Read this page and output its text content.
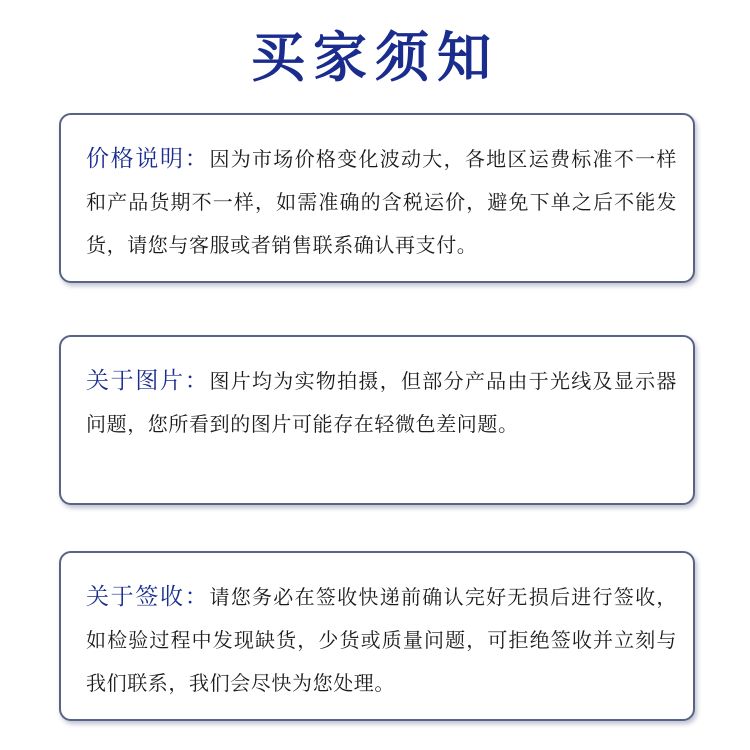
买家须知

价格说明：因为市场价格变化波动大，各地区运费标准不一样和产品货期不一样，如需准确的含税运价，避免下单之后不能发货，请您与客服或者销售联系确认再支付。

关于图片：图片均为实物拍摄，但部分产品由于光线及显示器问题，您所看到的图片可能存在轻微色差问题。

关于签收：请您务必在签收快递前确认完好无损后进行签收，如检验过程中发现缺货，少货或质量问题，可拒绝签收并立刻与我们联系，我们会尽快为您处理。
